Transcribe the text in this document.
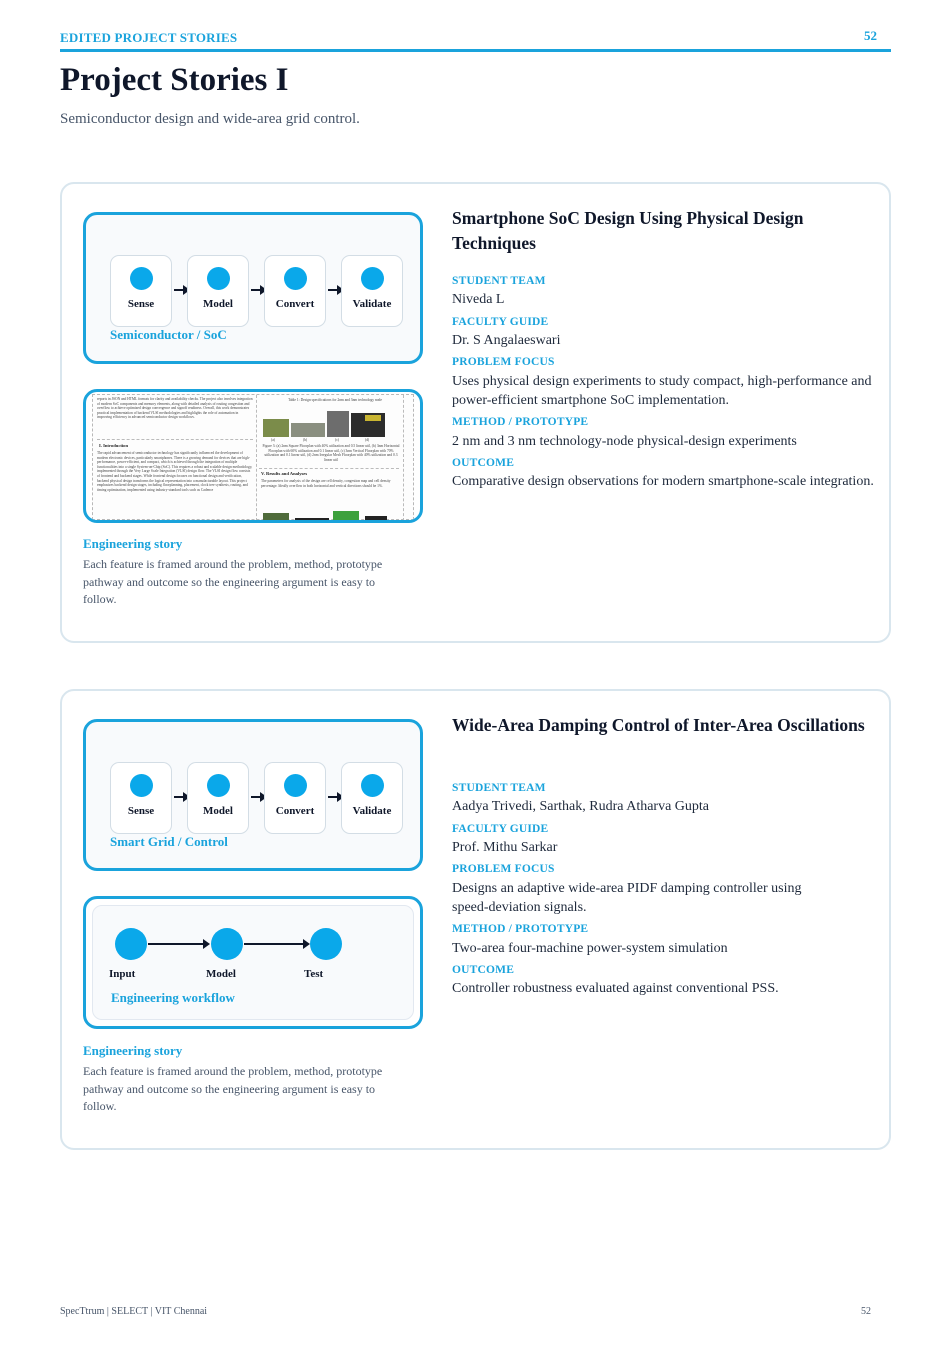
EDITED PROJECT STORIES	52
Project Stories I
Semiconductor design and wide-area grid control.
Sense	Model	Convert	Validate
Semiconductor / SoC
reports in JSON and HTML formats for clarity and availability checks. The project also involves integration of modern SoC components and memory elements, along with detailed analysis of routing congestion and overflow to achieve optimized design convergence and signoff readiness. Overall, this work demonstrates practical implementation of backend VLSI methodologies and highlights the role of automation in improving efficiency in advanced semiconductor design workflows.
I. Introduction
The rapid advancement of semiconductor technology has significantly influenced the development of modern electronic devices, particularly smartphones. There is a growing demand for devices that are high-performance, power-efficient, and compact, which is achieved through the integration of multiple functionalities into a single System-on-Chip (SoC). This requires a robust and scalable design methodology, implemented through the Very Large Scale Integration (VLSI) design flow. The VLSI design flow consists of frontend and backend stages. While frontend design focuses on functional design and verification, backend physical design transforms the logical representation into a manufacturable layout. This project emphasizes backend design stages, including floorplanning, placement, clock tree synthesis, routing, and timing optimization, implemented using industry-standard tools such as Cadence
Table 1: Design specifications for 2nm and 3nm technology node
(a)	(b)	(c)	(d)
Figure 3: (a) 2nm Square Floorplan with 40% utilization and 0.5 linear util, (b) 3nm Horizontal Floorplan with 60% utilization and 0.1 linear util, (c) 3nm Vertical Floorplan with 70% utilization and 0.1 linear util, (d) 2nm Irregular Mesh Floorplan with 40% utilization and 0.3 linear util
V. Results and Analyses
The parameters for analysis of the design are cell density, congestion map and cell density percentage. Ideally overflow in both horizontal and vertical directions should be 1%.
Engineering story
Each feature is framed around the problem, method, prototype pathway and outcome so the engineering argument is easy to follow.
Smartphone SoC Design Using Physical Design Techniques
STUDENT TEAM
Niveda L
FACULTY GUIDE
Dr. S Angalaeswari
PROBLEM FOCUS
Uses physical design experiments to study compact, high-performance and power-efficient smartphone SoC implementation.
METHOD / PROTOTYPE
2 nm and 3 nm technology-node physical-design experiments
OUTCOME
Comparative design observations for modern smartphone-scale integration.
Sense	Model	Convert	Validate
Smart Grid / Control
Input	Model	Test
Engineering workflow
Engineering story
Each feature is framed around the problem, method, prototype pathway and outcome so the engineering argument is easy to follow.
Wide-Area Damping Control of Inter-Area Oscillations
STUDENT TEAM
Aadya Trivedi, Sarthak, Rudra Atharva Gupta
FACULTY GUIDE
Prof. Mithu Sarkar
PROBLEM FOCUS
Designs an adaptive wide-area PIDF damping controller using speed-deviation signals.
METHOD / PROTOTYPE
Two-area four-machine power-system simulation
OUTCOME
Controller robustness evaluated against conventional PSS.
SpecTtrum | SELECT | VIT Chennai	52
